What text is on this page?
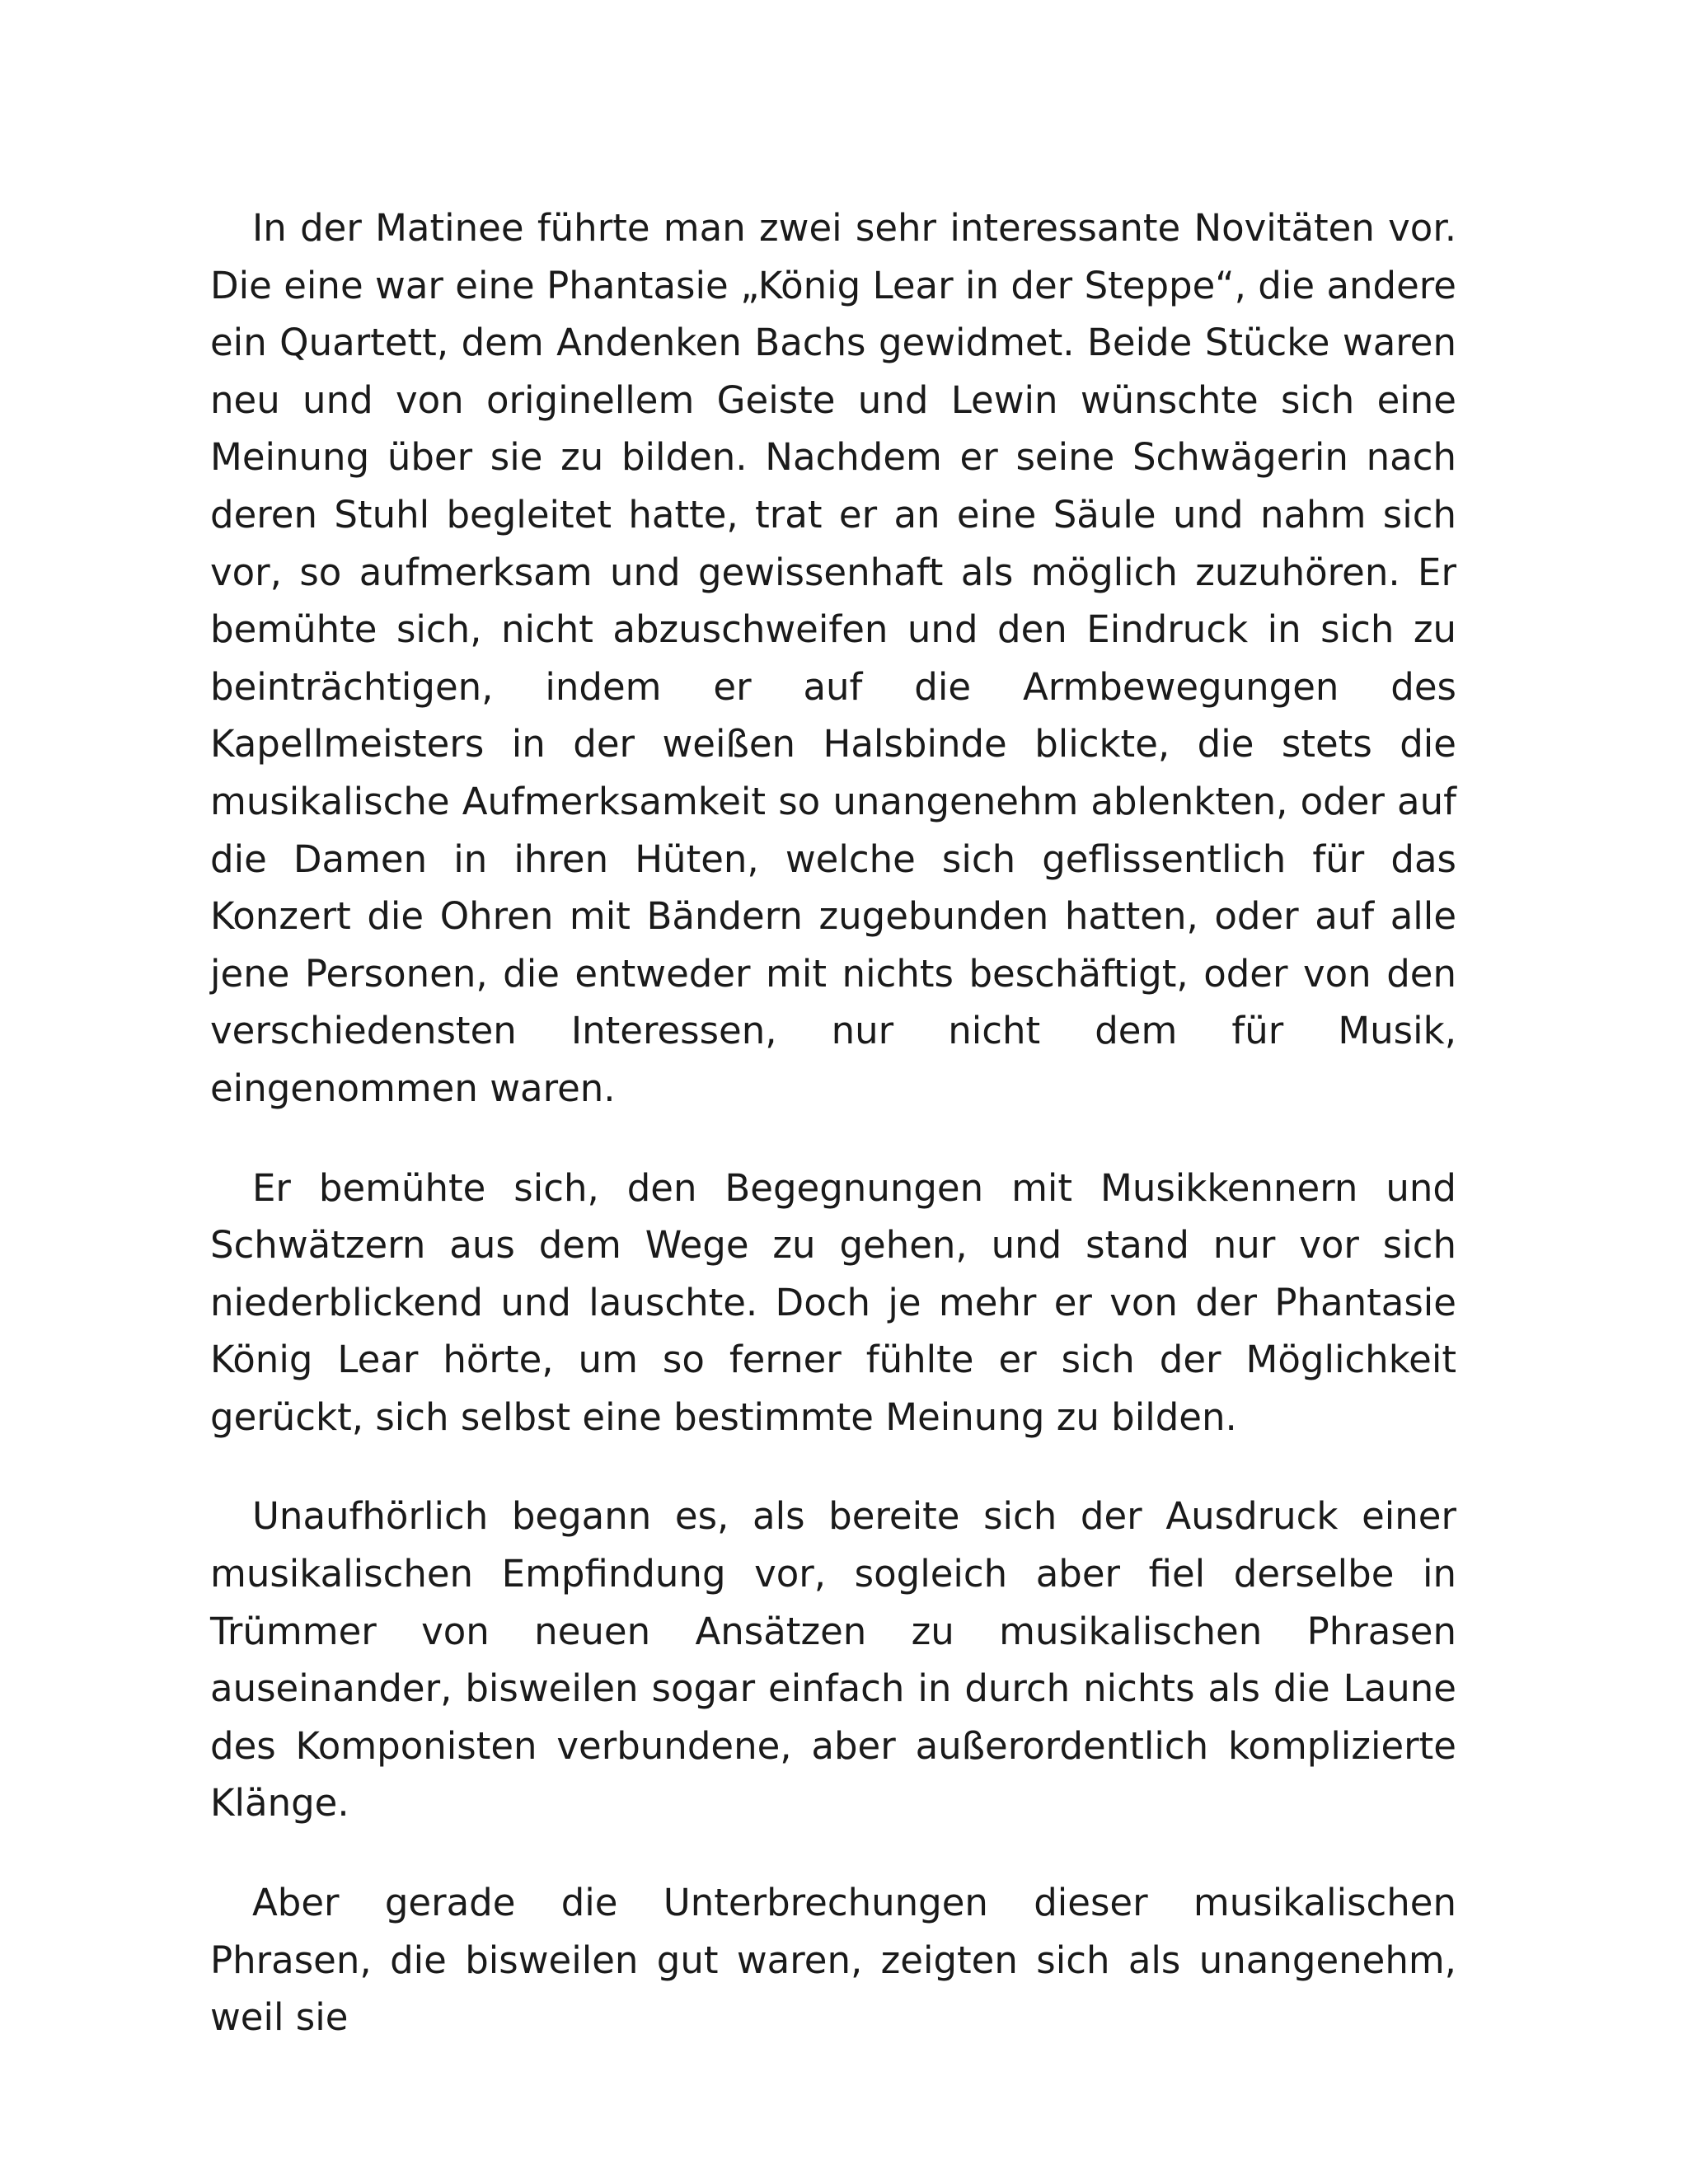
In der Matinee führte man zwei sehr interessante Novitäten vor. Die eine war eine Phantasie „König Lear in der Steppe“, die andere ein Quartett, dem Andenken Bachs gewidmet. Beide Stücke waren neu und von originellem Geiste und Lewin wünschte sich eine Meinung über sie zu bilden. Nachdem er seine Schwägerin nach deren Stuhl begleitet hatte, trat er an eine Säule und nahm sich vor, so aufmerksam und gewissenhaft als möglich zuzuhören. Er bemühte sich, nicht abzuschweifen und den Eindruck in sich zu beinträchtigen, indem er auf die Armbewegungen des Kapellmeisters in der weißen Halsbinde blickte, die stets die musikalische Aufmerksamkeit so unangenehm ablenkten, oder auf die Damen in ihren Hüten, welche sich geflissentlich für das Konzert die Ohren mit Bändern zugebunden hatten, oder auf alle jene Personen, die entweder mit nichts beschäftigt, oder von den verschiedensten Interessen, nur nicht dem für Musik, eingenommen waren.

Er bemühte sich, den Begegnungen mit Musikkennern und Schwätzern aus dem Wege zu gehen, und stand nur vor sich niederblickend und lauschte. Doch je mehr er von der Phantasie König Lear hörte, um so ferner fühlte er sich der Möglichkeit gerückt, sich selbst eine bestimmte Meinung zu bilden.

Unaufhörlich begann es, als bereite sich der Ausdruck einer musikalischen Empfindung vor, sogleich aber fiel derselbe in Trümmer von neuen Ansätzen zu musikalischen Phrasen auseinander, bisweilen sogar einfach in durch nichts als die Laune des Komponisten verbundene, aber außerordentlich komplizierte Klänge.

Aber gerade die Unterbrechungen dieser musikalischen Phrasen, die bisweilen gut waren, zeigten sich als unangenehm, weil sie
